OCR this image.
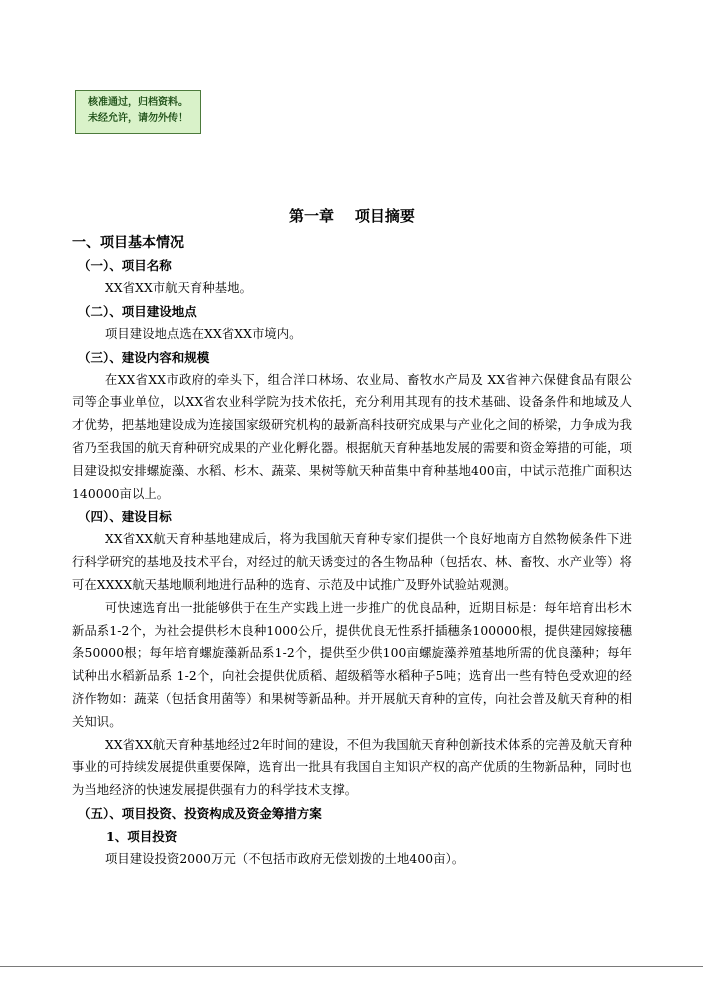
核准通过，归档资料。
未经允许，请勿外传！
第一章    项目摘要
一、项目基本情况
（一）、项目名称
XX省XX市航天育种基地。
（二）、项目建设地点
项目建设地点选在XX省XX市境内。
（三）、建设内容和规模
在XX省XX市政府的牵头下，组合洋口林场、农业局、畜牧水产局及 XX省神六保健食品有限公司等企事业单位，以XX省农业科学院为技术依托，充分利用其现有的技术基础、设备条件和地域及人才优势，把基地建设成为连接国家级研究机构的最新高科技研究成果与产业化之间的桥梁，力争成为我省乃至我国的航天育种研究成果的产业化孵化器。根据航天育种基地发展的需要和资金筹措的可能，项目建设拟安排螺旋藻、水稻、杉木、蔬菜、果树等航天种苗集中育种基地400亩，中试示范推广面积达140000亩以上。
（四）、建设目标
XX省XX航天育种基地建成后，将为我国航天育种专家们提供一个良好地南方自然物候条件下进行科学研究的基地及技术平台，对经过的航天诱变过的各生物品种（包括农、林、畜牧、水产业等）将可在XXXX航天基地顺利地进行品种的选育、示范及中试推广及野外试验站观测。
可快速选育出一批能够供于在生产实践上进一步推广的优良品种，近期目标是：每年培育出杉木新品系1-2个，为社会提供杉木良种1000公斤，提供优良无性系扦插穗条100000根，提供建园嫁接穗条50000根；每年培育螺旋藻新品系1-2个，提供至少供100亩螺旋藻养殖基地所需的优良藻种；每年试种出水稻新品系 1-2个，向社会提供优质稻、超级稻等水稻种子5吨；选育出一些有特色受欢迎的经济作物如：蔬菜（包括食用菌等）和果树等新品种。并开展航天育种的宣传，向社会普及航天育种的相关知识。
XX省XX航天育种基地经过2年时间的建设，不但为我国航天育种创新技术体系的完善及航天育种事业的可持续发展提供重要保障，选育出一批具有我国自主知识产权的高产优质的生物新品种，同时也为当地经济的快速发展提供强有力的科学技术支撑。
（五）、项目投资、投资构成及资金筹措方案
1、项目投资
项目建设投资2000万元（不包括市政府无偿划拨的土地400亩）。
